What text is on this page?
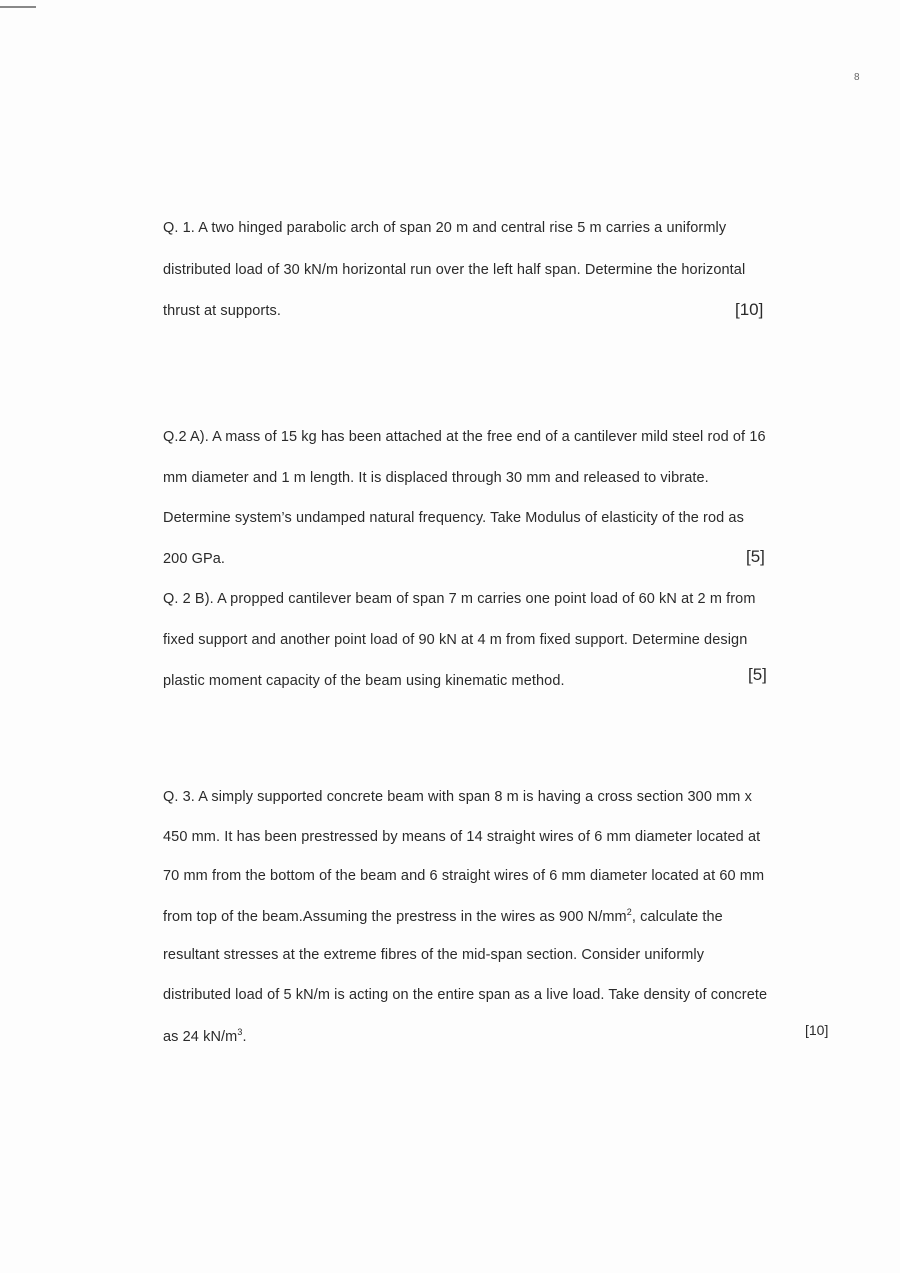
8
Q. 1. A two hinged parabolic arch of span 20 m and central rise 5 m carries a uniformly
distributed load of 30 kN/m horizontal run over the left half span. Determine the horizontal
thrust at supports.	[10]
Q.2 A). A mass of 15 kg has been attached at the free end of a cantilever mild steel rod of 16
mm diameter and 1 m length. It is displaced through 30 mm and released to vibrate.
Determine system’s undamped natural frequency. Take Modulus of elasticity of the rod as
200 GPa.	[5]
Q. 2 B). A propped cantilever beam of span 7 m carries one point load of 60 kN at 2 m from
fixed support and another point load of 90 kN at 4 m from fixed support. Determine design
plastic moment capacity of the beam using kinematic method.	[5]
Q. 3. A simply supported concrete beam with span 8 m is having a cross section 300 mm x
450 mm. It has been prestressed by means of 14 straight wires of 6 mm diameter located at
70 mm from the bottom of the beam and 6 straight wires of 6 mm diameter located at 60 mm
from top of the beam.Assuming the prestress in the wires as 900 $N/mm^2$, calculate the
resultant stresses at the extreme fibres of the mid-span section. Consider uniformly
distributed load of 5 kN/m is acting on the entire span as a live load. Take density of concrete
as 24 $kN/m^3$.	[10]
